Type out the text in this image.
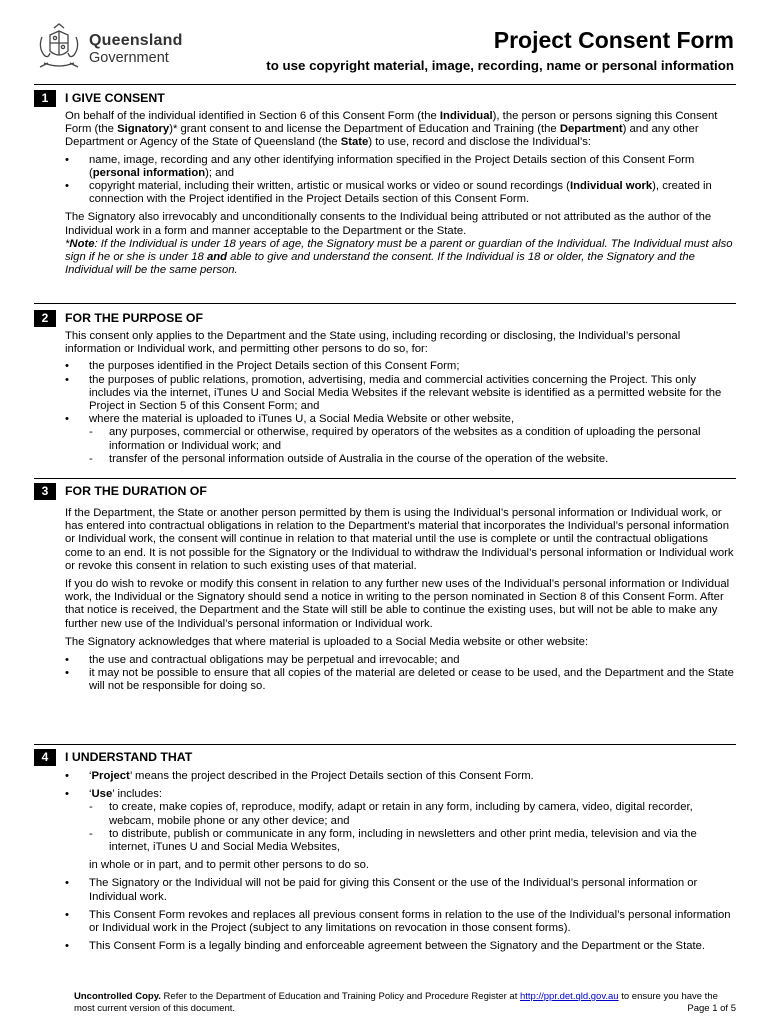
Queensland
Government
Project Consent Form
to use copyright material, image, recording, name or personal information
1	I GIVE CONSENT

On behalf of the individual identified in Section 6 of this Consent Form (the Individual), the person or persons signing this Consent Form (the Signatory)* grant consent to and license the Department of Education and Training (the Department) and any other Department or Agency of the State of Queensland (the State) to use, record and disclose the Individual’s:

• name, image, recording and any other identifying information specified in the Project Details section of this Consent Form (personal information); and
• copyright material, including their written, artistic or musical works or video or sound recordings (Individual work), created in connection with the Project identified in the Project Details section of this Consent Form.

The Signatory also irrevocably and unconditionally consents to the Individual being attributed or not attributed as the author of the Individual work in a form and manner acceptable to the Department or the State.

*Note: If the Individual is under 18 years of age, the Signatory must be a parent or guardian of the Individual. The Individual must also sign if he or she is under 18 and able to give and understand the consent. If the Individual is 18 or older, the Signatory and the Individual will be the same person.

2	FOR THE PURPOSE OF

This consent only applies to the Department and the State using, including recording or disclosing, the Individual’s personal information or Individual work, and permitting other persons to do so, for:

• the purposes identified in the Project Details section of this Consent Form;
• the purposes of public relations, promotion, advertising, media and commercial activities concerning the Project. This only includes via the internet, iTunes U and Social Media Websites if the relevant website is identified as a permitted website for the Project in Section 5 of this Consent Form; and
• where the material is uploaded to iTunes U, a Social Media Website or other website,
- any purposes, commercial or otherwise, required by operators of the websites as a condition of uploading the personal information or Individual work; and
- transfer of the personal information outside of Australia in the course of the operation of the website.
3	FOR THE DURATION OF

If the Department, the State or another person permitted by them is using the Individual’s personal information or Individual work, or has entered into contractual obligations in relation to the Department’s material that incorporates the Individual’s personal information or Individual work, the consent will continue in relation to that material until the use is complete or until the contractual obligations come to an end. It is not possible for the Signatory or the Individual to withdraw the Individual’s personal information or Individual work or revoke this consent in relation to such existing uses of that material.

If you do wish to revoke or modify this consent in relation to any further new uses of the Individual’s personal information or Individual work, the Individual or the Signatory should send a notice in writing to the person nominated in Section 8 of this Consent Form. After that notice is received, the Department and the State will still be able to continue the existing uses, but will not be able to make any further new use of the Individual’s personal information or Individual work.

The Signatory acknowledges that where material is uploaded to a Social Media website or other website:

• the use and contractual obligations may be perpetual and irrevocable; and
• it may not be possible to ensure that all copies of the material are deleted or cease to be used, and the Department and the State will not be responsible for doing so.
4	I UNDERSTAND THAT
• ‘Project’ means the project described in the Project Details section of this Consent Form.
• ‘Use’ includes:
- to create, make copies of, reproduce, modify, adapt or retain in any form, including by camera, video, digital recorder, webcam, mobile phone or any other device; and
- to distribute, publish or communicate in any form, including in newsletters and other print media, television and via the internet, iTunes U and Social Media Websites,

in whole or in part, and to permit other persons to do so.

• The Signatory or the Individual will not be paid for giving this Consent or the use of the Individual’s personal information or Individual work.
• This Consent Form revokes and replaces all previous consent forms in relation to the use of the Individual’s personal information or Individual work in the Project (subject to any limitations on revocation in those consent forms).
• This Consent Form is a legally binding and enforceable agreement between the Signatory and the Department or the State.
Uncontrolled Copy. Refer to the Department of Education and Training Policy and Procedure Register at http://ppr.det.qld.gov.au to ensure you have the most current version of this document.	Page 1 of 5
